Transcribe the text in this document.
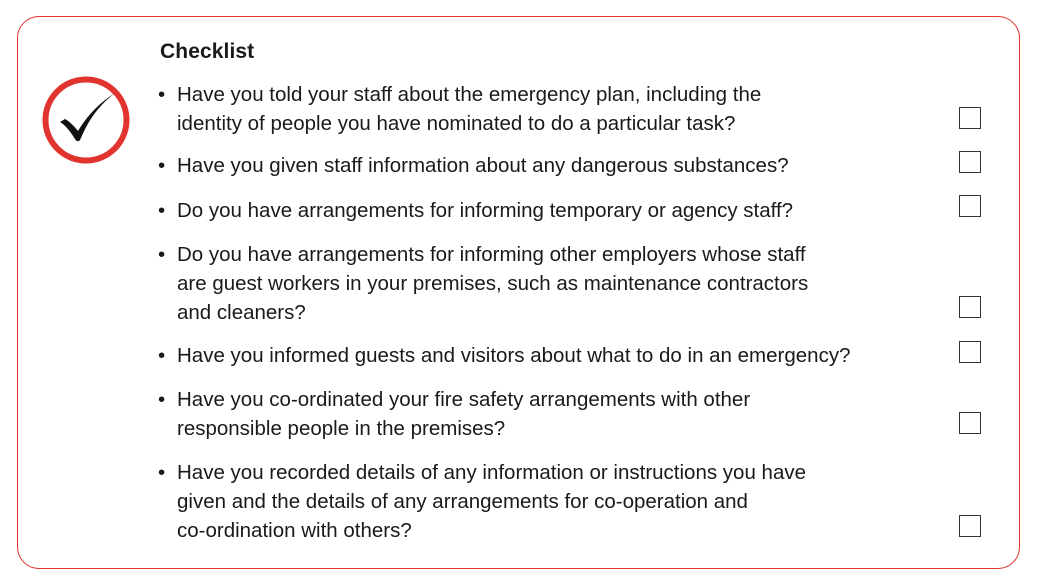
Checklist
• Have you told your staff about the emergency plan, including the
identity of people you have nominated to do a particular task?
• Have you given staff information about any dangerous substances?
• Do you have arrangements for informing temporary or agency staff?
• Do you have arrangements for informing other employers whose staff
are guest workers in your premises, such as maintenance contractors
and cleaners?
• Have you informed guests and visitors about what to do in an emergency?
• Have you co-ordinated your fire safety arrangements with other
responsible people in the premises?
• Have you recorded details of any information or instructions you have
given and the details of any arrangements for co-operation and
co-ordination with others?
